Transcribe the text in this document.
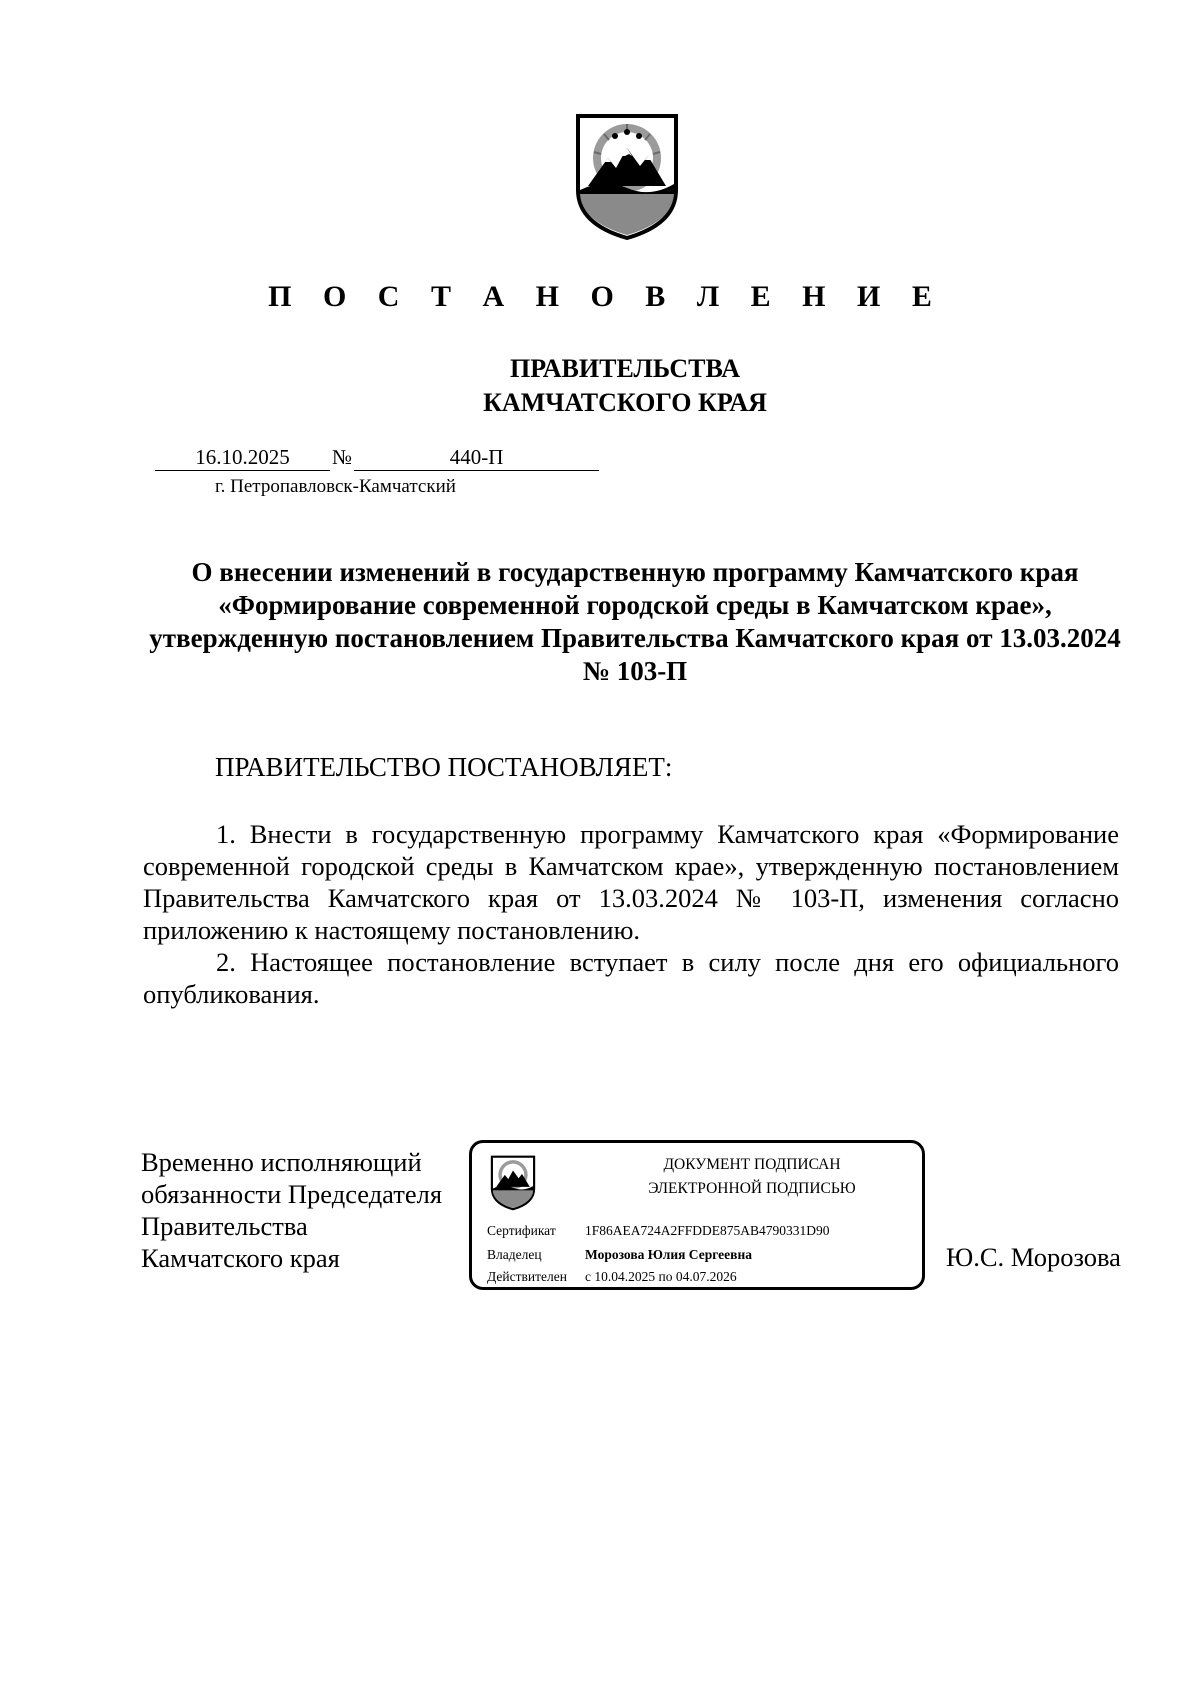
П О С Т А Н О В Л Е Н И Е
ПРАВИТЕЛЬСТВА
КАМЧАТСКОГО КРАЯ
16.10.2025 №	440-П
г. Петропавловск-Камчатский
О внесении изменений в государственную программу Камчатского края «Формирование современной городской среды в Камчатском крае», утвержденную постановлением Правительства Камчатского края от 13.03.2024 № 103-П
ПРАВИТЕЛЬСТВО ПОСТАНОВЛЯЕТ:

1. Внести в государственную программу Камчатского края «Формирование современной городской среды в Камчатском крае», утвержденную постановлением Правительства Камчатского края от 13.03.2024 № 103-П, изменения согласно приложению к настоящему постановлению.

2. Настоящее постановление вступает в силу после дня его официального опубликования.

Временно исполняющий
обязанности Председателя
Правительства
Камчатского края
ДОКУМЕНТ ПОДПИСАН
ЭЛЕКТРОННОЙ ПОДПИСЬЮ
Сертификат 1F86AEA724A2FFDDE875AB4790331D90
Владелец	Морозова Юлия Сергеевна
Действителен с 10.04.2025 по 04.07.2026
Ю.С. Морозова
